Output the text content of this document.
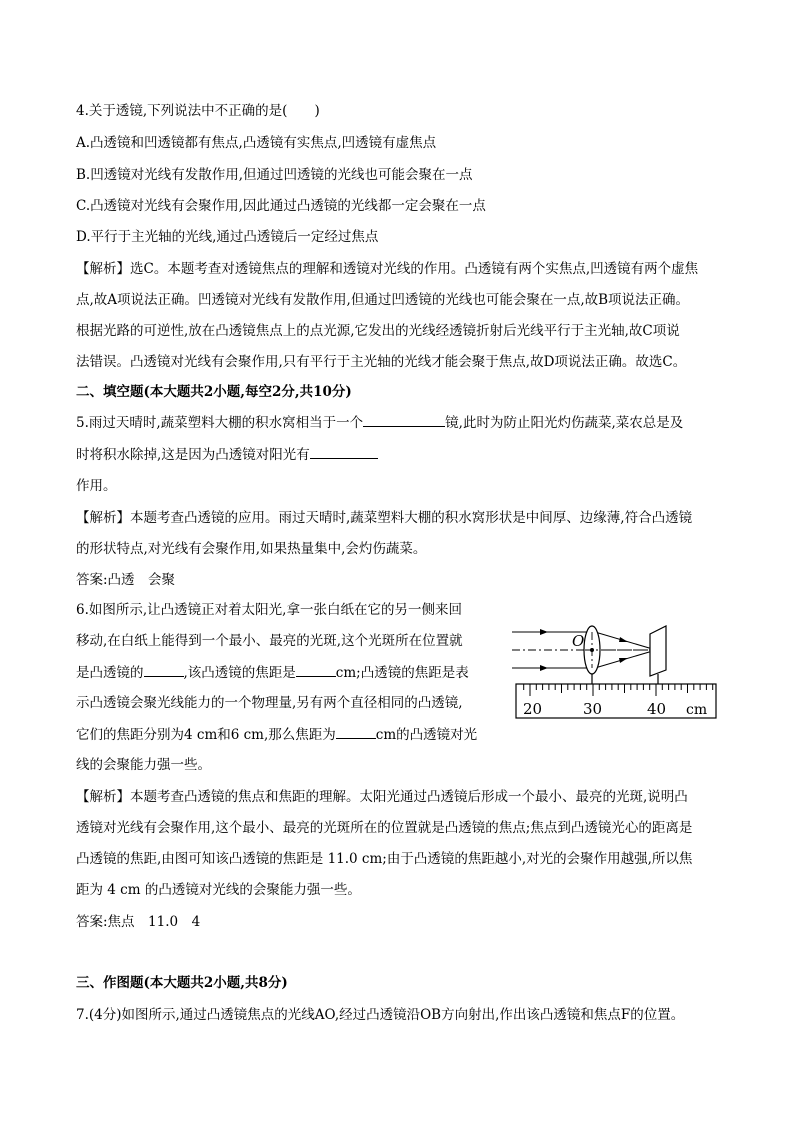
4.关于透镜,下列说法中不正确的是(　　)
A.凸透镜和凹透镜都有焦点,凸透镜有实焦点,凹透镜有虚焦点
B.凹透镜对光线有发散作用,但通过凹透镜的光线也可能会聚在一点
C.凸透镜对光线有会聚作用,因此通过凸透镜的光线都一定会聚在一点
D.平行于主光轴的光线,通过凸透镜后一定经过焦点
【解析】选C。本题考查对透镜焦点的理解和透镜对光线的作用。凸透镜有两个实焦点,凹透镜有两个虚焦
点,故A项说法正确。凹透镜对光线有发散作用,但通过凹透镜的光线也可能会聚在一点,故B项说法正确。
根据光路的可逆性,放在凸透镜焦点上的点光源,它发出的光线经透镜折射后光线平行于主光轴,故C项说
法错误。凸透镜对光线有会聚作用,只有平行于主光轴的光线才能会聚于焦点,故D项说法正确。故选C。
二、填空题(本大题共2小题,每空2分,共10分)
5.雨过天晴时,蔬菜塑料大棚的积水窝相当于一个	镜,此时为防止阳光灼伤蔬菜,菜农总是及
时将积水除掉,这是因为凸透镜对阳光有
作用。
【解析】本题考查凸透镜的应用。雨过天晴时,蔬菜塑料大棚的积水窝形状是中间厚、边缘薄,符合凸透镜
的形状特点,对光线有会聚作用,如果热量集中,会灼伤蔬菜。
答案:凸透　会聚
6.如图所示,让凸透镜正对着太阳光,拿一张白纸在它的另一侧来回
移动,在白纸上能得到一个最小、最亮的光斑,这个光斑所在位置就
是凸透镜的	,该凸透镜的焦距是	cm;凸透镜的焦距是表
示凸透镜会聚光线能力的一个物理量,另有两个直径相同的凸透镜,
它们的焦距分别为4 cm和6 cm,那么焦距为	cm的凸透镜对光
线的会聚能力强一些。
O
20	30	40 cm
【解析】本题考查凸透镜的焦点和焦距的理解。太阳光通过凸透镜后形成一个最小、最亮的光斑,说明凸
透镜对光线有会聚作用,这个最小、最亮的光斑所在的位置就是凸透镜的焦点;焦点到凸透镜光心的距离是
凸透镜的焦距,由图可知该凸透镜的焦距是 11.0 cm;由于凸透镜的焦距越小,对光的会聚作用越强,所以焦
距为 4 cm 的凸透镜对光线的会聚能力强一些。
答案:焦点　11.0　4
三、作图题(本大题共2小题,共8分)
7.(4分)如图所示,通过凸透镜焦点的光线AO,经过凸透镜沿OB方向射出,作出该凸透镜和焦点F的位置。
